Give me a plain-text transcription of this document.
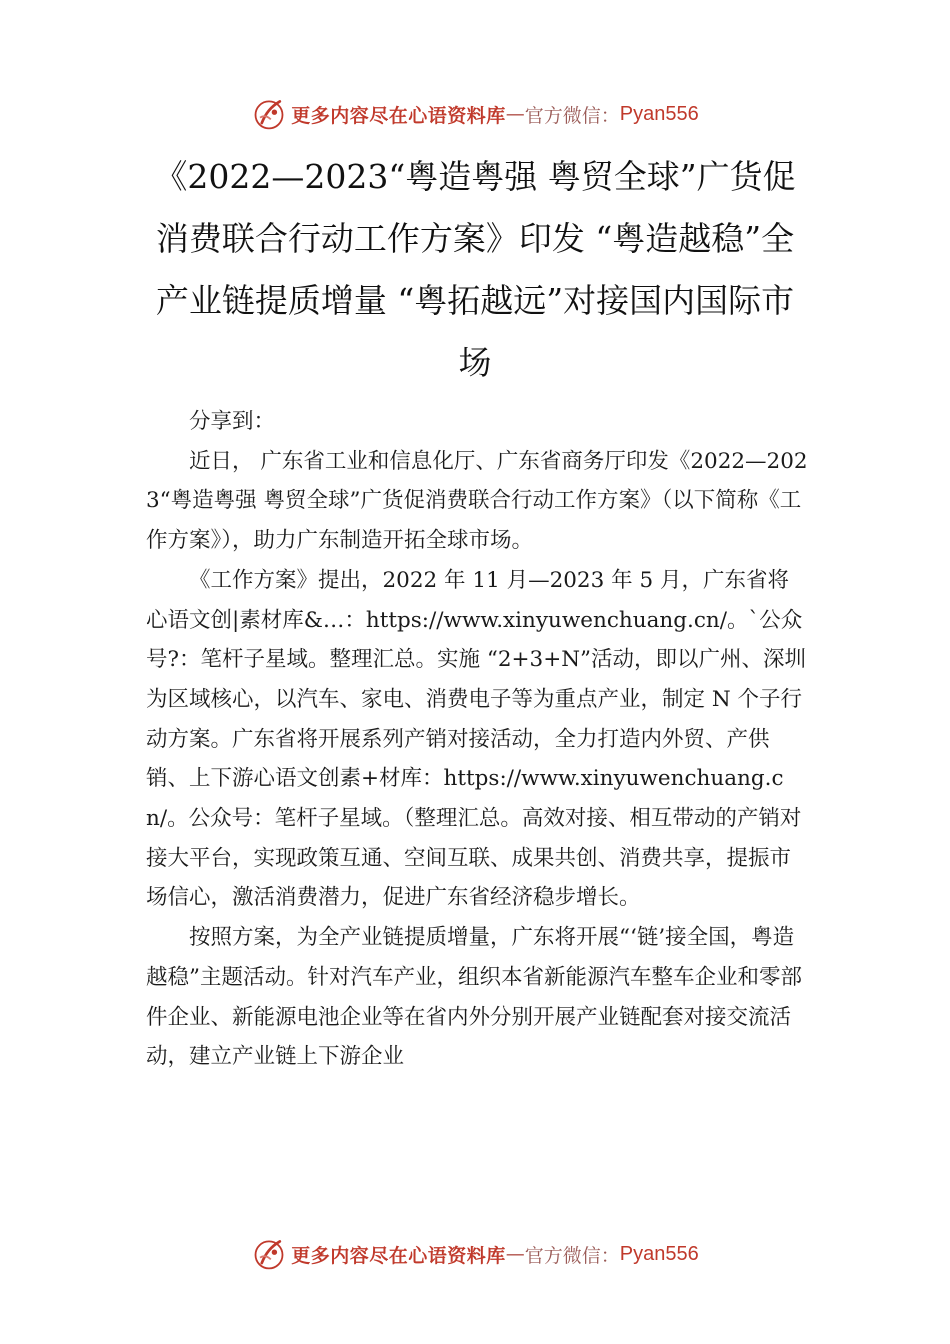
更多内容尽在心语资料库 — 官方微信： Pyan556
《2022—2023“粤造粤强 粤贸全球”广货促消费联合行动工作方案》印发 “粤造越稳”全产业链提质增量 “粤拓越远”对接国内国际市场

分享到：

近日， 广东省工业和信息化厅、广东省商务厅印发《2022—2023“粤造粤强 粤贸全球”广货促消费联合行动工作方案》（以下简称《工作方案》），助力广东制造开拓全球市场。

《工作方案》提出，2022 年 11 月—2023 年 5 月，广东省将心语文创|素材库&…：https://www.xinyuwenchuang.cn/。`公众号?：笔杆子星域。整理汇总。实施 “2+3+N”活动，即以广州、深圳为区域核心，以汽车、家电、消费电子等为重点产业，制定 N 个子行动方案。广东省将开展系列产销对接活动，全力打造内外贸、产供销、上下游心语文创素+材库：https://www.xinyuwenchuang.cn/。公众号：笔杆子星域。（整理汇总。高效对接、相互带动的产销对接大平台，实现政策互通、空间互联、成果共创、消费共享，提振市场信心，激活消费潜力，促进广东省经济稳步增长。

按照方案，为全产业链提质增量，广东将开展“‘链’接全国，粤造越稳”主题活动。针对汽车产业，组织本省新能源汽车整车企业和零部件企业、新能源电池企业等在省内外分别开展产业链配套对接交流活动，建立产业链上下游企业

更多内容尽在心语资料库 — 官方微信： Pyan556
